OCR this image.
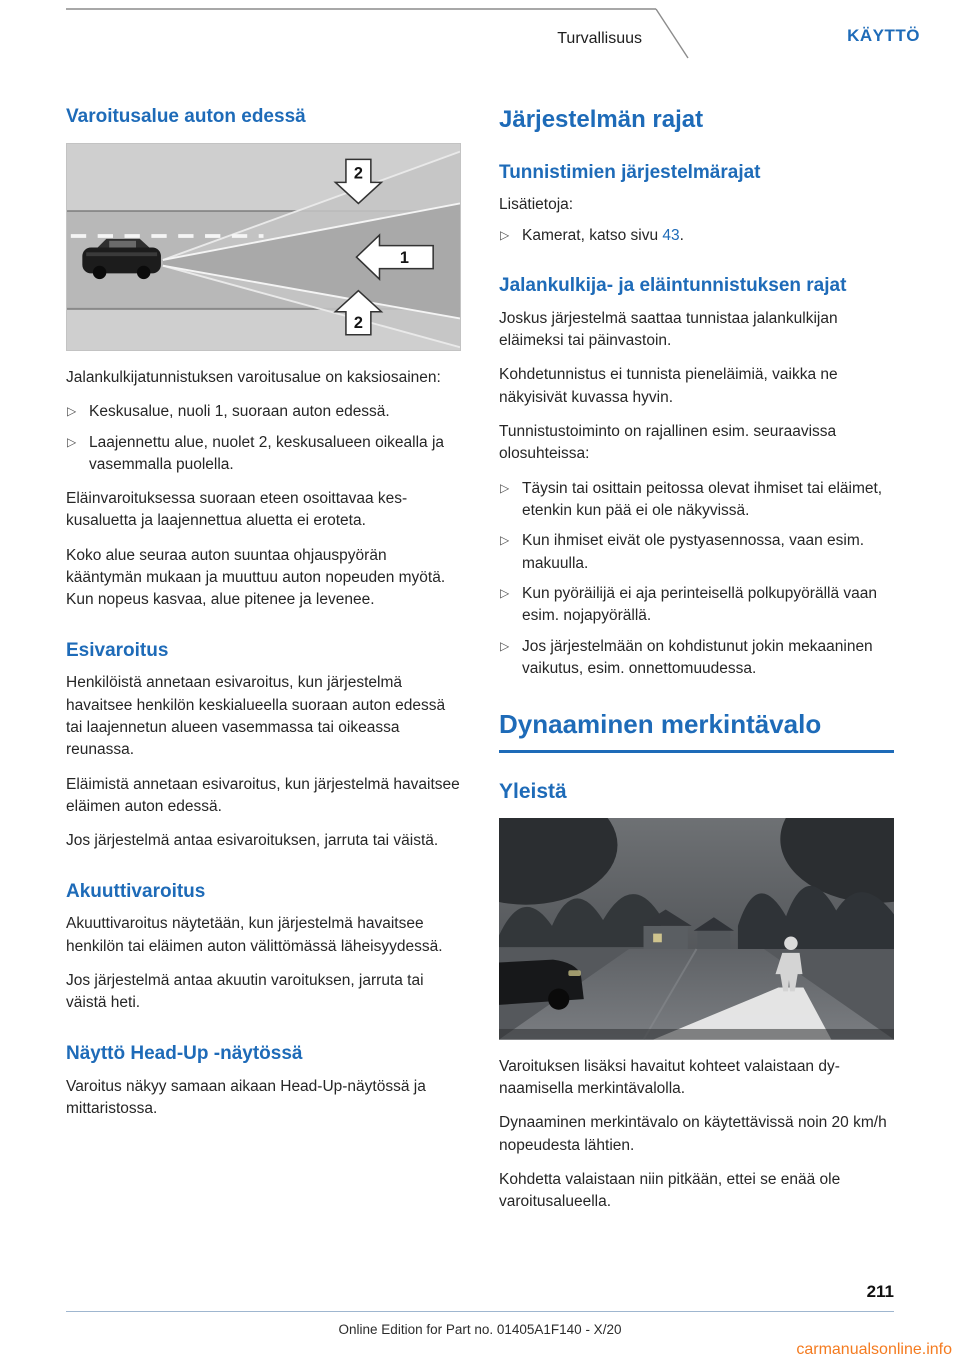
Turvallisuus	KÄYTTÖ
Varoitusalue auton edessä
2
1
2

Jalankulkijatunnistuksen varoitusalue on kaksiosainen:

▷ Keskusalue, nuoli 1, suoraan auton edessä.
▷ Laajennettu alue, nuolet 2, keskusalueen oikealla ja vasemmalla puolella.

Eläinvaroituksessa suoraan eteen osoittavaa keskusaluetta ja laajennettua aluetta ei eroteta.

Koko alue seuraa auton suuntaa ohjauspyörän kääntymän mukaan ja muuttuu auton nopeuden myötä. Kun nopeus kasvaa, alue pitenee ja levenee.

Esivaroitus

Henkilöistä annetaan esivaroitus, kun järjestelmä havaitsee henkilön keskialueella suoraan auton edessä tai laajennetun alueen vasemmassa tai oikeassa reunassa.

Eläimistä annetaan esivaroitus, kun järjestelmä havaitsee eläimen auton edessä.

Jos järjestelmä antaa esivaroituksen, jarruta tai väistä.

Akuuttivaroitus

Akuuttivaroitus näytetään, kun järjestelmä havaitsee henkilön tai eläimen auton välittömässä läheisyydessä.

Jos järjestelmä antaa akuutin varoituksen, jarruta tai väistä heti.

Näyttö Head-Up -näytössä

Varoitus näkyy samaan aikaan Head-Up-näytössä ja mittaristossa.

Järjestelmän rajat
Tunnistimien järjestelmärajat

Lisätietoja:

▷ Kamerat, katso sivu 43.
Jalankulkija- ja eläintunnistuksen rajat

Joskus järjestelmä saattaa tunnistaa jalankulkijan eläimeksi tai päinvastoin.

Kohdetunnistus ei tunnista pieneläimiä, vaikka ne näkyisivät kuvassa hyvin.

Tunnistustoiminto on rajallinen esim. seuraavissa olosuhteissa:

▷ Täysin tai osittain peitossa olevat ihmiset tai eläimet, etenkin kun pää ei ole näkyvissä.
▷ Kun ihmiset eivät ole pystyasennossa, vaan esim. makuulla.
▷ Kun pyöräilijä ei aja perinteisellä polkupyörällä vaan esim. nojapyörällä.
▷ Jos järjestelmään on kohdistunut jokin mekaaninen vaikutus, esim. onnettomuudessa.
Dynaaminen merkintävalo
Yleistä

Varoituksen lisäksi havaitut kohteet valaistaan dynaamisella merkintävalolla.

Dynaaminen merkintävalo on käytettävissä noin 20 km/h nopeudesta lähtien.

Kohdetta valaistaan niin pitkään, ettei se enää ole varoitusalueella.

211
Online Edition for Part no. 01405A1F140 - X/20
carmanualsonline.info
